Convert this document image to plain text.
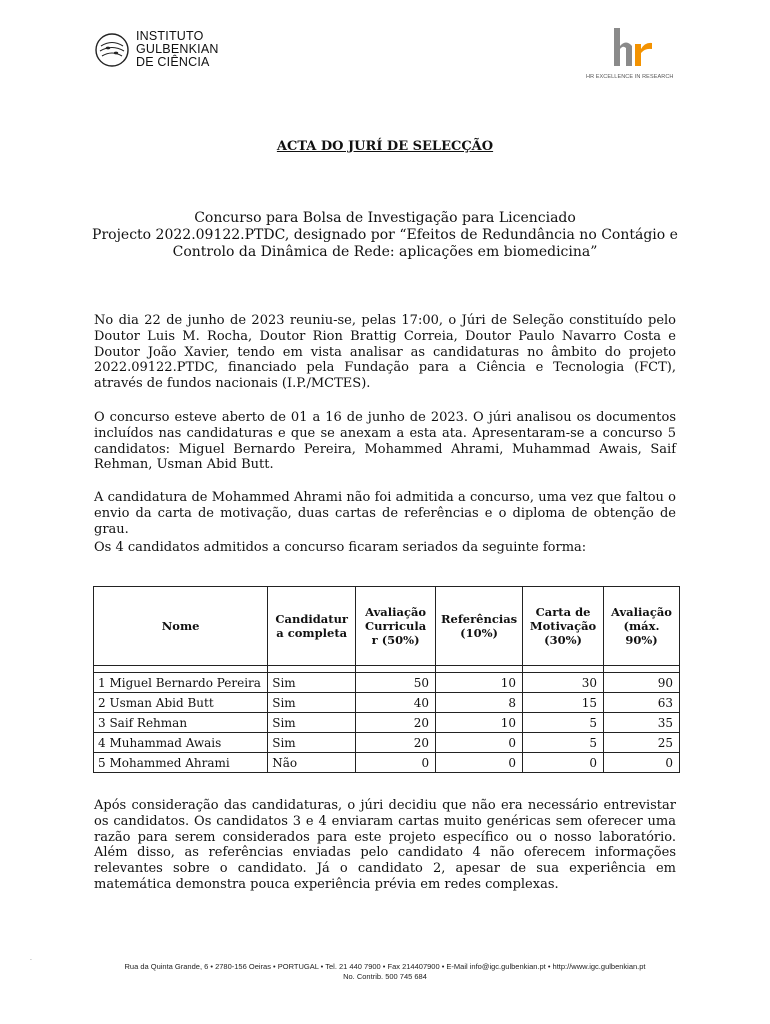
INSTITUTO
GULBENKIAN
DE CIÊNCIA
HR EXCELLENCE IN RESEARCH
ACTA DO JURÍ DE SELECÇÃO
Concurso para Bolsa de Investigação para Licenciado
Projecto 2022.09122.PTDC, designado por “Efeitos de Redundância no Contágio e
Controlo da Dinâmica de Rede: aplicações em biomedicina”
No dia 22 de junho de 2023 reuniu-se, pelas 17:00, o Júri de Seleção constituído pelo Doutor Luis M. Rocha, Doutor Rion Brattig Correia, Doutor Paulo Navarro Costa e Doutor João Xavier, tendo em vista analisar as candidaturas no âmbito do projeto 2022.09122.PTDC, financiado pela Fundação para a Ciência e Tecnologia (FCT), através de fundos nacionais (I.P./MCTES).
O concurso esteve aberto de 01 a 16 de junho de 2023. O júri analisou os documentos incluídos nas candidaturas e que se anexam a esta ata. Apresentaram-se a concurso 5 candidatos: Miguel Bernardo Pereira, Mohammed Ahrami, Muhammad Awais, Saif Rehman, Usman Abid Butt.
A candidatura de Mohammed Ahrami não foi admitida a concurso, uma vez que faltou o envio da carta de motivação, duas cartas de referências e o diploma de obtenção de grau.
Os 4 candidatos admitidos a concurso ficaram seriados da seguinte forma:
Nome	Candidatur a completa	Avaliação Curricula r (50%)	Referências (10%)	Carta de Motivação (30%)	Avaliação (máx. 90%)

1 Miguel Bernardo Pereira	Sim	50	10	30	90
2 Usman Abid Butt	Sim	40	8	15	63
3 Saif Rehman	Sim	20	10	5	35
4 Muhammad Awais	Sim	20	0	5	25
5 Mohammed Ahrami	Não	0	0	0	0
Após consideração das candidaturas, o júri decidiu que não era necessário entrevistar os candidatos. Os candidatos 3 e 4 enviaram cartas muito genéricas sem oferecer uma razão para serem considerados para este projeto específico ou o nosso laboratório. Além disso, as referências enviadas pelo candidato 4 não oferecem informações relevantes sobre o candidato. Já o candidato 2, apesar de sua experiência em matemática demonstra pouca experiência prévia em redes complexas.
.
Rua da Quinta Grande, 6 • 2780-156 Oeiras • PORTUGAL • Tel. 21 440 7900 • Fax 214407900 • E-Mail info@igc.gulbenkian.pt • http://www.igc.gulbenkian.pt
No. Contrib. 500 745 684
